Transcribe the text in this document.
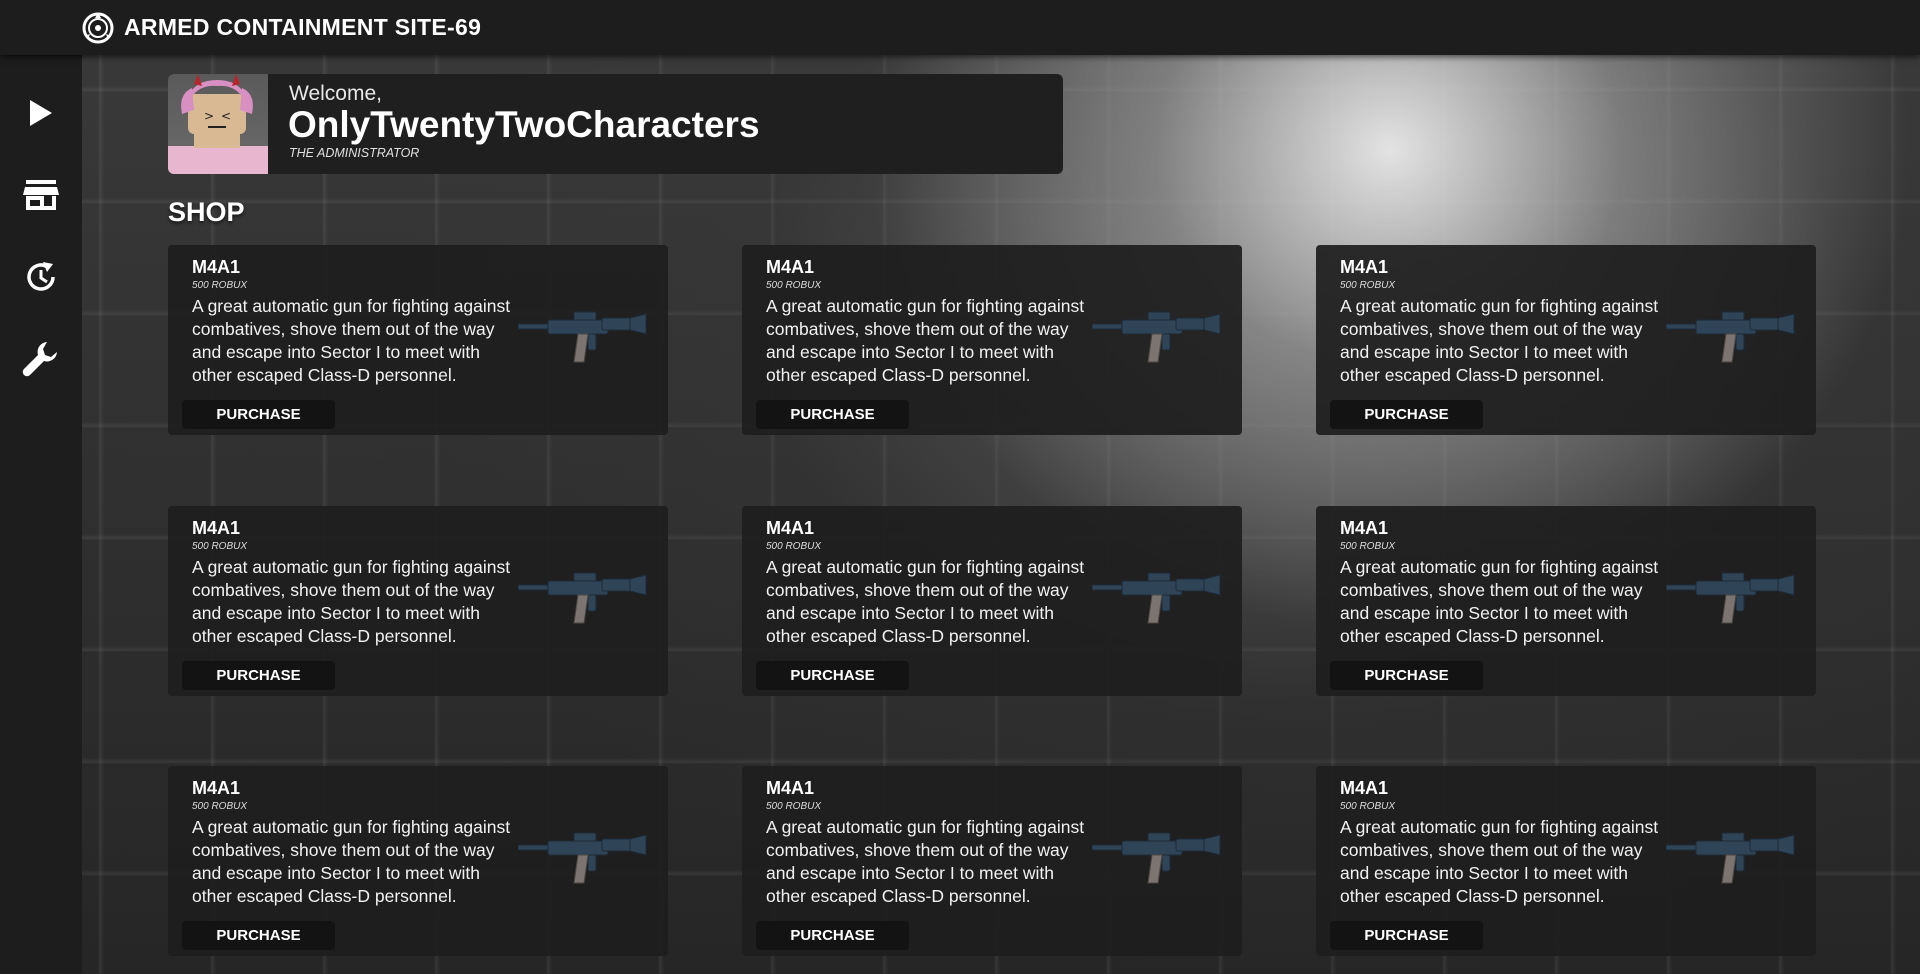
ARMED CONTAINMENT SITE-69
> <
Welcome,
OnlyTwentyTwoCharacters
THE ADMINISTRATOR
SHOP
M4A1
500 ROBUX
A great automatic gun for fighting against combatives, shove them out of the way and escape into Sector I to meet with other escaped Class-D personnel.
PURCHASE
M4A1
500 ROBUX
A great automatic gun for fighting against combatives, shove them out of the way and escape into Sector I to meet with other escaped Class-D personnel.
PURCHASE
M4A1
500 ROBUX
A great automatic gun for fighting against combatives, shove them out of the way and escape into Sector I to meet with other escaped Class-D personnel.
PURCHASE
M4A1
500 ROBUX
A great automatic gun for fighting against combatives, shove them out of the way and escape into Sector I to meet with other escaped Class-D personnel.
PURCHASE
M4A1
500 ROBUX
A great automatic gun for fighting against combatives, shove them out of the way and escape into Sector I to meet with other escaped Class-D personnel.
PURCHASE
M4A1
500 ROBUX
A great automatic gun for fighting against combatives, shove them out of the way and escape into Sector I to meet with other escaped Class-D personnel.
PURCHASE
M4A1
500 ROBUX
A great automatic gun for fighting against combatives, shove them out of the way and escape into Sector I to meet with other escaped Class-D personnel.
PURCHASE
M4A1
500 ROBUX
A great automatic gun for fighting against combatives, shove them out of the way and escape into Sector I to meet with other escaped Class-D personnel.
PURCHASE
M4A1
500 ROBUX
A great automatic gun for fighting against combatives, shove them out of the way and escape into Sector I to meet with other escaped Class-D personnel.
PURCHASE
